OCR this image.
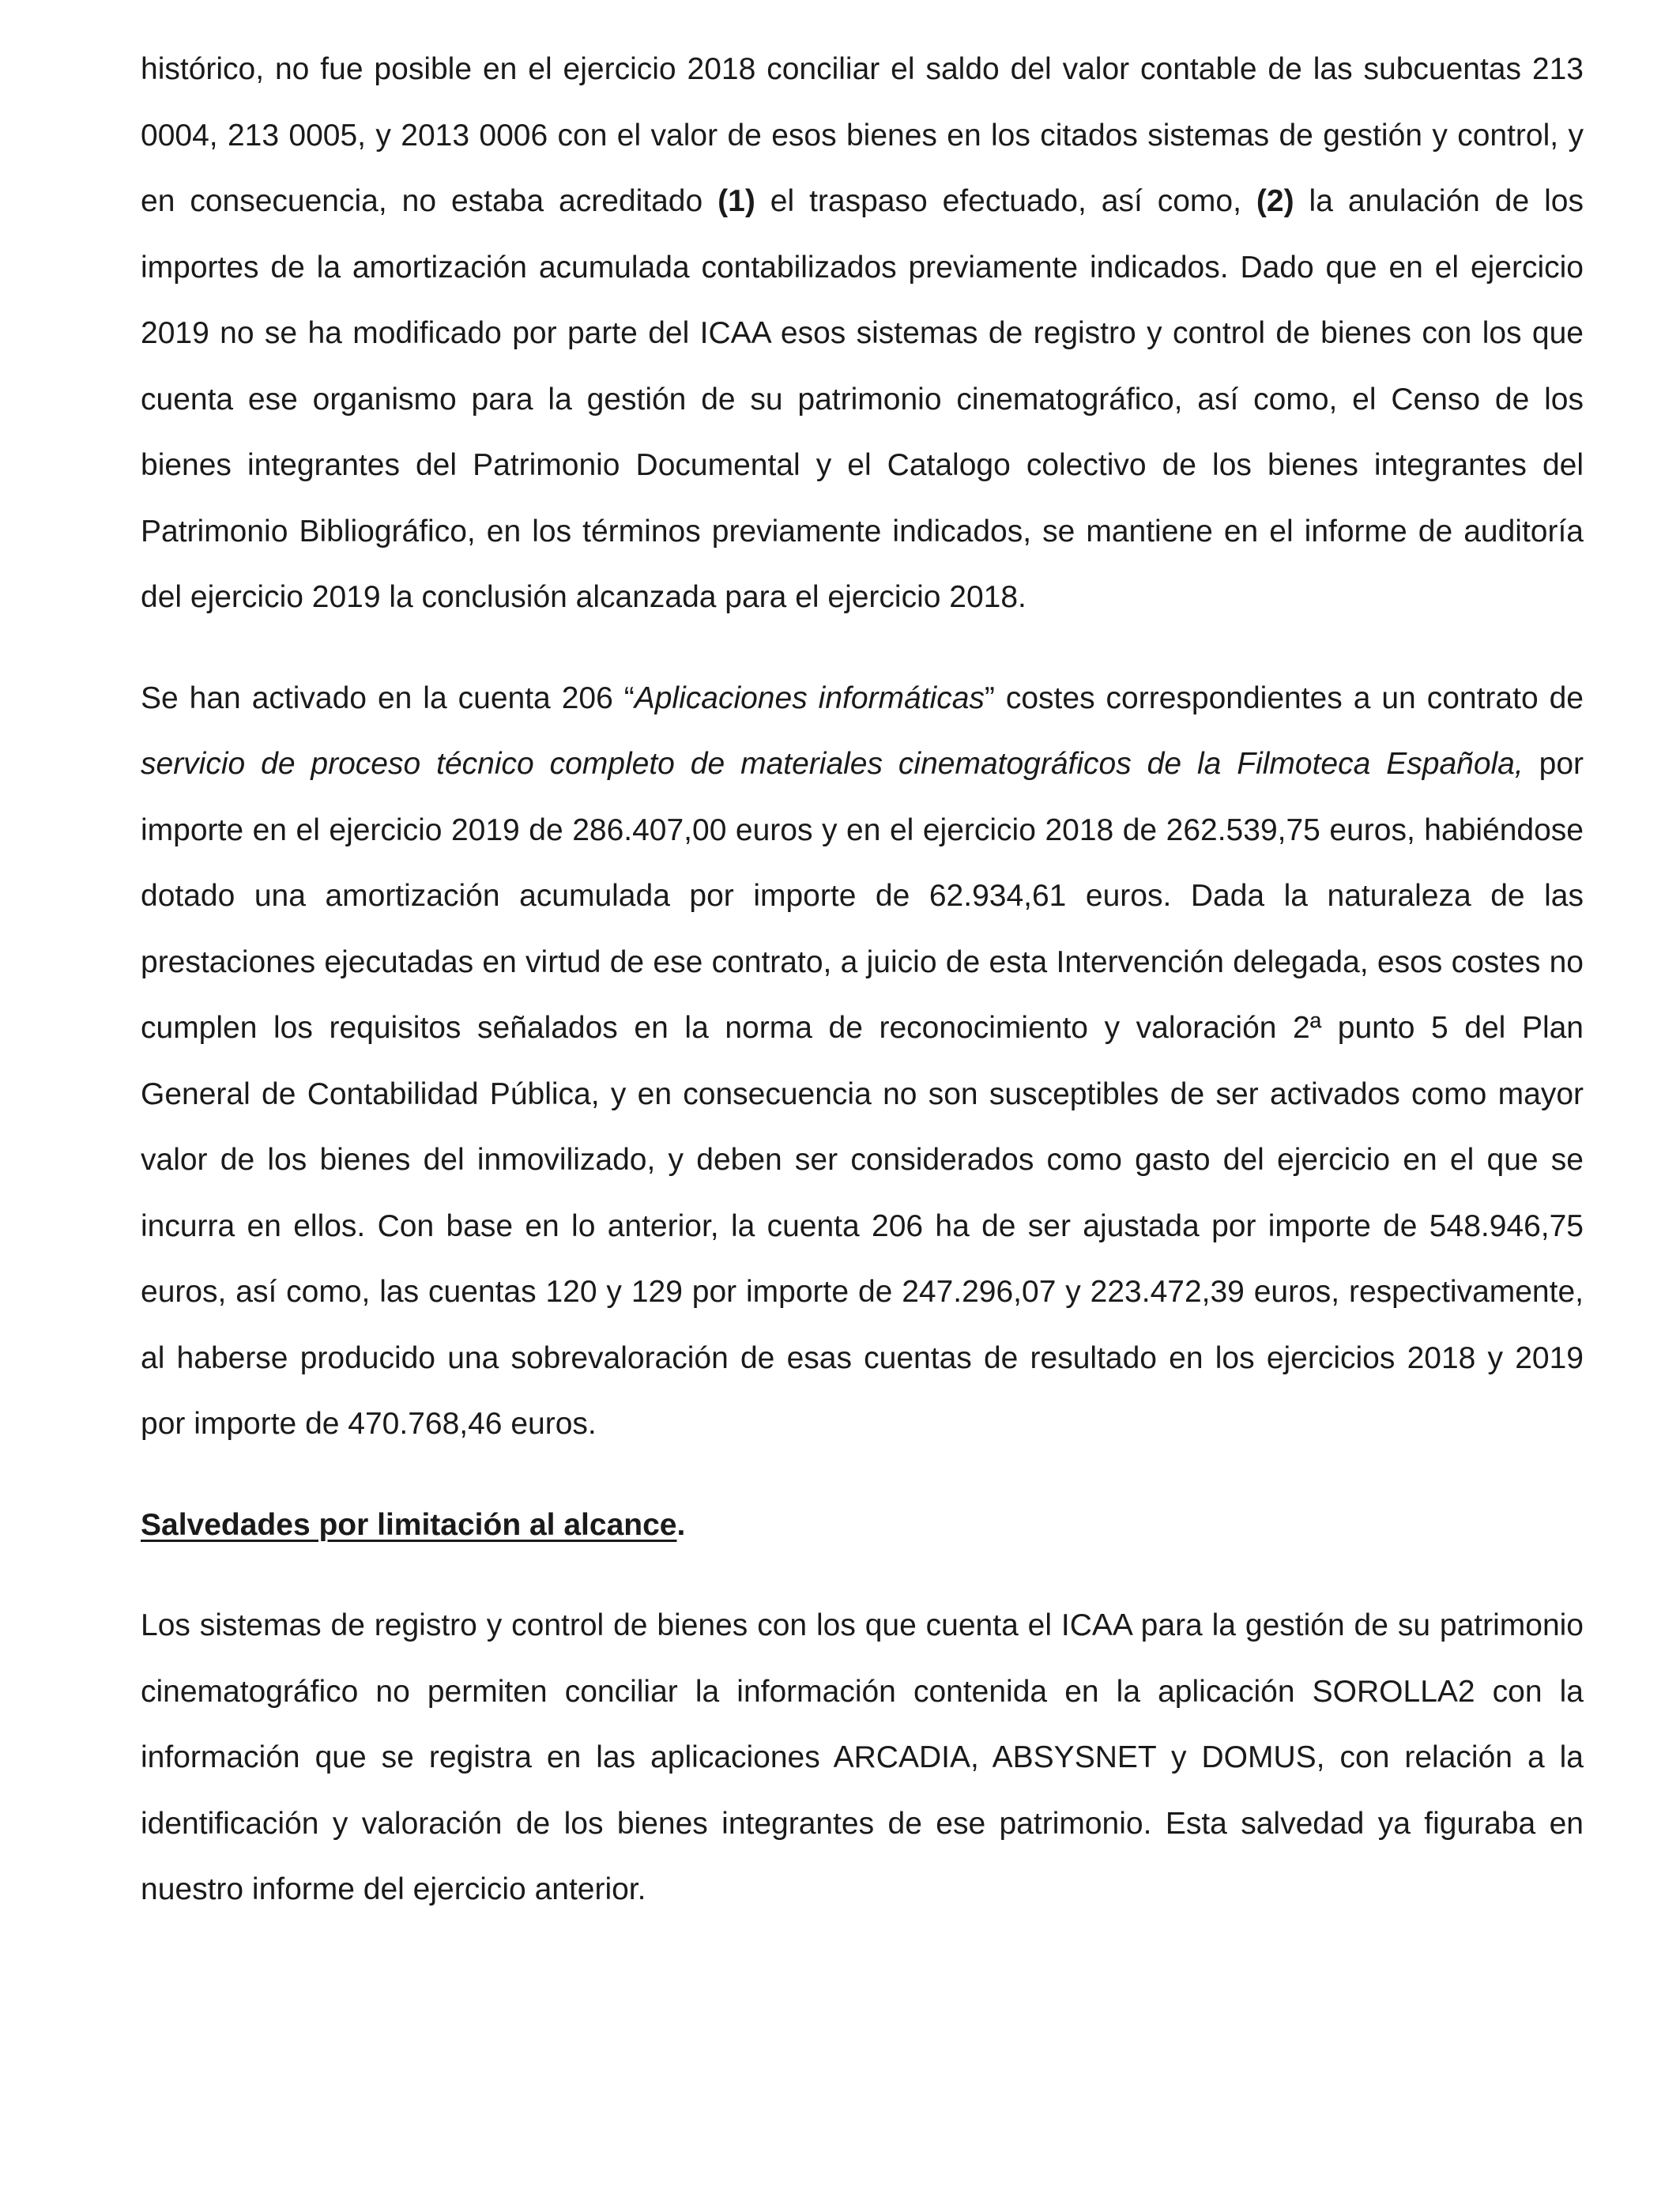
histórico, no fue posible en el ejercicio 2018 conciliar el saldo del valor contable de las subcuentas 213 0004, 213 0005, y 2013 0006 con el valor de esos bienes en los citados sistemas de gestión y control, y en consecuencia, no estaba acreditado (1) el traspaso efectuado, así como, (2) la anulación de los importes de la amortización acumulada contabilizados previamente indicados. Dado que en el ejercicio 2019 no se ha modificado por parte del ICAA esos sistemas de registro y control de bienes con los que cuenta ese organismo para la gestión de su patrimonio cinematográfico, así como, el Censo de los bienes integrantes del Patrimonio Documental y el Catalogo colectivo de los bienes integrantes del Patrimonio Bibliográfico, en los términos previamente indicados, se mantiene en el informe de auditoría del ejercicio 2019 la conclusión alcanzada para el ejercicio 2018.

Se han activado en la cuenta 206 “Aplicaciones informáticas” costes correspondientes a un contrato de servicio de proceso técnico completo de materiales cinematográficos de la Filmoteca Española, por importe en el ejercicio 2019 de 286.407,00 euros y en el ejercicio 2018 de 262.539,75 euros, habiéndose dotado una amortización acumulada por importe de 62.934,61 euros. Dada la naturaleza de las prestaciones ejecutadas en virtud de ese contrato, a juicio de esta Intervención delegada, esos costes no cumplen los requisitos señalados en la norma de reconocimiento y valoración 2ª punto 5 del Plan General de Contabilidad Pública, y en consecuencia no son susceptibles de ser activados como mayor valor de los bienes del inmovilizado, y deben ser considerados como gasto del ejercicio en el que se incurra en ellos. Con base en lo anterior, la cuenta 206 ha de ser ajustada por importe de 548.946,75 euros, así como, las cuentas 120 y 129 por importe de 247.296,07 y 223.472,39 euros, respectivamente, al haberse producido una sobrevaloración de esas cuentas de resultado en los ejercicios 2018 y 2019 por importe de 470.768,46 euros.

Salvedades por limitación al alcance.

Los sistemas de registro y control de bienes con los que cuenta el ICAA para la gestión de su patrimonio cinematográfico no permiten conciliar la información contenida en la aplicación SOROLLA2 con la información que se registra en las aplicaciones ARCADIA, ABSYSNET y DOMUS, con relación a la identificación y valoración de los bienes integrantes de ese patrimonio. Esta salvedad ya figuraba en nuestro informe del ejercicio anterior.
